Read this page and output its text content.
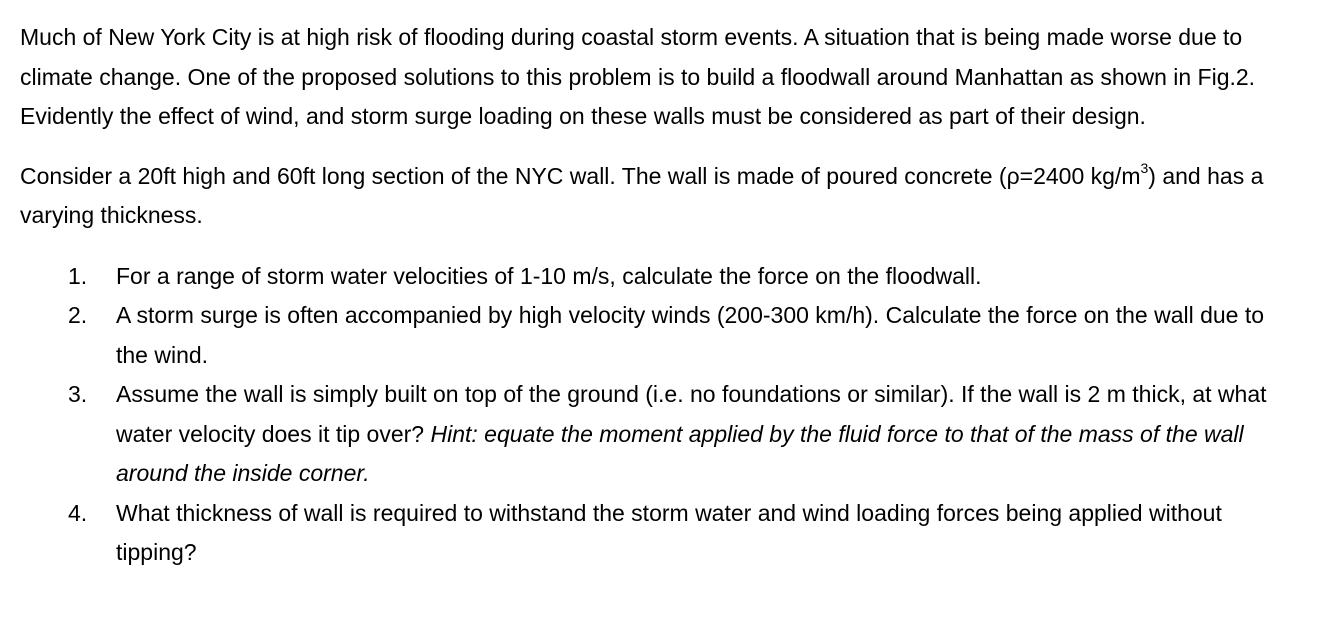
Much of New York City is at high risk of flooding during coastal storm events. A situation that is being made worse due to climate change. One of the proposed solutions to this problem is to build a floodwall around Manhattan as shown in Fig.2. Evidently the effect of wind, and storm surge loading on these walls must be considered as part of their design.

Consider a 20ft high and 60ft long section of the NYC wall. The wall is made of poured concrete (ρ=2400 $kg/m^3$) and has a varying thickness.

1. For a range of storm water velocities of 1-10 m/s, calculate the force on the floodwall.
2. A storm surge is often accompanied by high velocity winds (200-300 km/h). Calculate the force on the wall due to the wind.
3. Assume the wall is simply built on top of the ground (i.e. no foundations or similar). If the wall is 2 m thick, at what water velocity does it tip over? Hint: equate the moment applied by the fluid force to that of the mass of the wall around the inside corner.
4. What thickness of wall is required to withstand the storm water and wind loading forces being applied without tipping?
